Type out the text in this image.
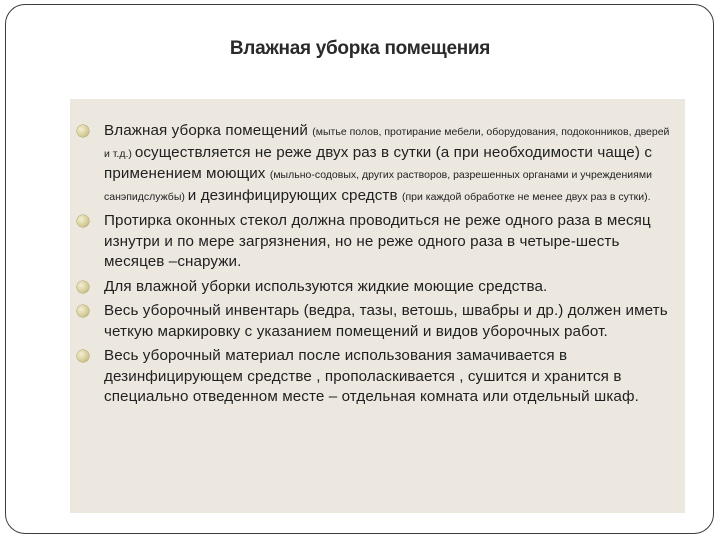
Влажная уборка помещения
Влажная уборка помещений (мытье полов, протирание мебели, оборудования, подоконников, дверей и т.д.) осуществляется не реже двух раз в сутки (а при необходимости чаще) с применением моющих (мыльно-содовых, других растворов, разрешенных органами и учреждениями санэпидслужбы) и дезинфицирующих средств (при каждой обработке не менее двух раз в сутки).
Протирка оконных стекол должна проводиться не реже одного раза в месяц изнутри и по мере загрязнения, но не реже одного раза в четыре-шесть месяцев –снаружи.
Для влажной уборки используются жидкие моющие средства.
Весь уборочный инвентарь (ведра, тазы, ветошь, швабры и др.) должен иметь четкую маркировку с указанием помещений и видов уборочных работ.
Весь уборочный материал после использования замачивается в дезинфицирующем средстве , прополаскивается , сушится и хранится в специально отведенном месте – отдельная комната или отдельный шкаф.
